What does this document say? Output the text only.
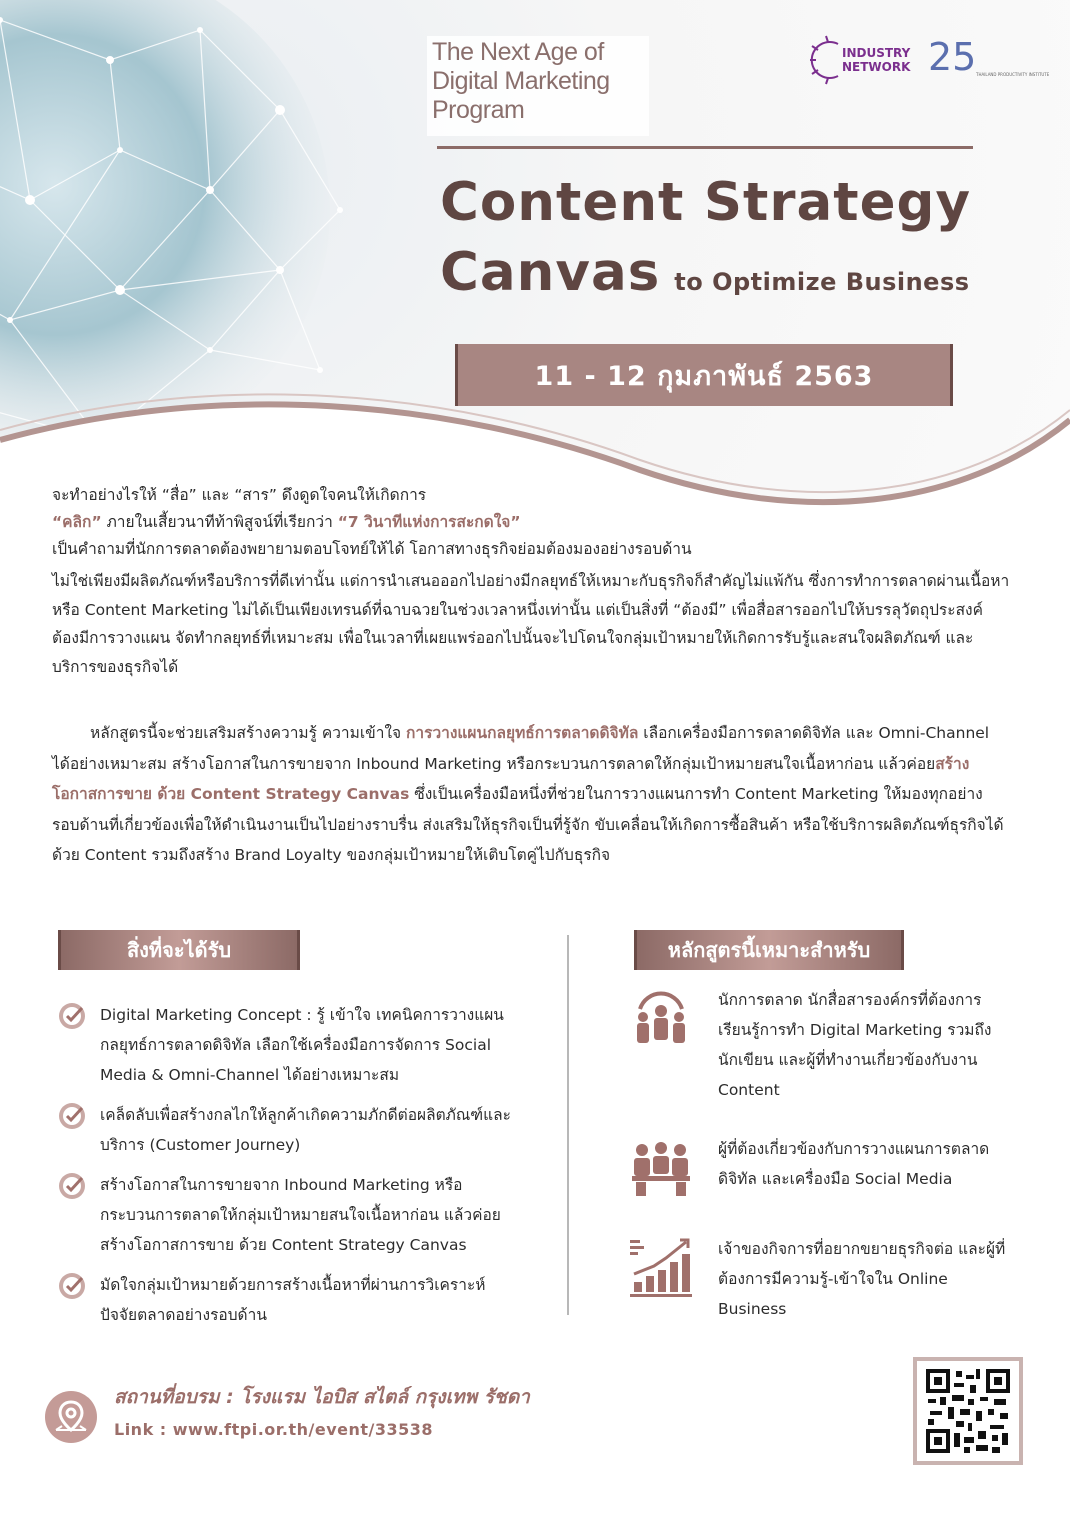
The Next Age of
Digital Marketing
Program
INDUSTRY
NETWORK 25 THAILAND PRODUCTIVITY INSTITUTE
Content Strategy
Canvas to Optimize Business
11 - 12 กุมภาพันธ์ 2563

จะทำอย่างไรให้ “สื่อ” และ “สาร” ดึงดูดใจคนให้เกิดการ

“คลิก” ภายในเสี้ยวนาทีท้าพิสูจน์ที่เรียกว่า “7 วินาทีแห่งการสะกดใจ”

เป็นคำถามที่นักการตลาดต้องพยายามตอบโจทย์ให้ได้ โอกาสทางธุรกิจย่อมต้องมองอย่างรอบด้าน

ไม่ใช่เพียงมีผลิตภัณฑ์หรือบริการที่ดีเท่านั้น แต่การนำเสนอออกไปอย่างมีกลยุทธ์ให้เหมาะกับธุรกิจก็สำคัญไม่แพ้กัน ซึ่งการทำการตลาดผ่านเนื้อหา หรือ Content Marketing ไม่ได้เป็นเพียงเทรนด์ที่ฉาบฉวยในช่วงเวลาหนึ่งเท่านั้น แต่เป็นสิ่งที่ “ต้องมี” เพื่อสื่อสารออกไปให้บรรลุวัตถุประสงค์ ต้องมีการวางแผน จัดทำกลยุทธ์ที่เหมาะสม เพื่อในเวลาที่เผยแพร่ออกไปนั้นจะไปโดนใจกลุ่มเป้าหมายให้เกิดการรับรู้และสนใจผลิตภัณฑ์ และบริการของธุรกิจได้

หลักสูตรนี้จะช่วยเสริมสร้างความรู้ ความเข้าใจ การวางแผนกลยุทธ์การตลาดดิจิทัล เลือกเครื่องมือการตลาดดิจิทัล และ Omni-Channel ได้อย่างเหมาะสม สร้างโอกาสในการขายจาก Inbound Marketing หรือกระบวนการตลาดให้กลุ่มเป้าหมายสนใจเนื้อหาก่อน แล้วค่อยสร้างโอกาสการขาย ด้วย Content Strategy Canvas ซึ่งเป็นเครื่องมือหนึ่งที่ช่วยในการวางแผนการทำ Content Marketing ให้มองทุกอย่างรอบด้านที่เกี่ยวข้องเพื่อให้ดำเนินงานเป็นไปอย่างราบรื่น ส่งเสริมให้ธุรกิจเป็นที่รู้จัก ขับเคลื่อนให้เกิดการซื้อสินค้า หรือใช้บริการผลิตภัณฑ์ธุรกิจได้ด้วย Content รวมถึงสร้าง Brand Loyalty ของกลุ่มเป้าหมายให้เติบโตคู่ไปกับธุรกิจ
สิ่งที่จะได้รับ
Digital Marketing Concept : รู้ เข้าใจ เทคนิคการวางแผนกลยุทธ์การตลาดดิจิทัล เลือกใช้เครื่องมือการจัดการ Social Media & Omni-Channel ได้อย่างเหมาะสม
เคล็ดลับเพื่อสร้างกลไกให้ลูกค้าเกิดความภักดีต่อผลิตภัณฑ์และบริการ (Customer Journey)
สร้างโอกาสในการขายจาก Inbound Marketing หรือกระบวนการตลาดให้กลุ่มเป้าหมายสนใจเนื้อหาก่อน แล้วค่อยสร้างโอกาสการขาย ด้วย Content Strategy Canvas
มัดใจกลุ่มเป้าหมายด้วยการสร้างเนื้อหาที่ผ่านการวิเคราะห์ปัจจัยตลาดอย่างรอบด้าน
หลักสูตรนี้เหมาะสำหรับ
นักการตลาด นักสื่อสารองค์กรที่ต้องการเรียนรู้การทำ Digital Marketing รวมถึงนักเขียน และผู้ที่ทำงานเกี่ยวข้องกับงาน Content
ผู้ที่ต้องเกี่ยวข้องกับการวางแผนการตลาดดิจิทัล และเครื่องมือ Social Media
เจ้าของกิจการที่อยากขยายธุรกิจต่อ และผู้ที่ต้องการมีความรู้-เข้าใจใน Online Business
สถานที่อบรม : โรงแรม ไอบิส สไตล์ กรุงเทพ รัชดา
Link : www.ftpi.or.th/event/33538
